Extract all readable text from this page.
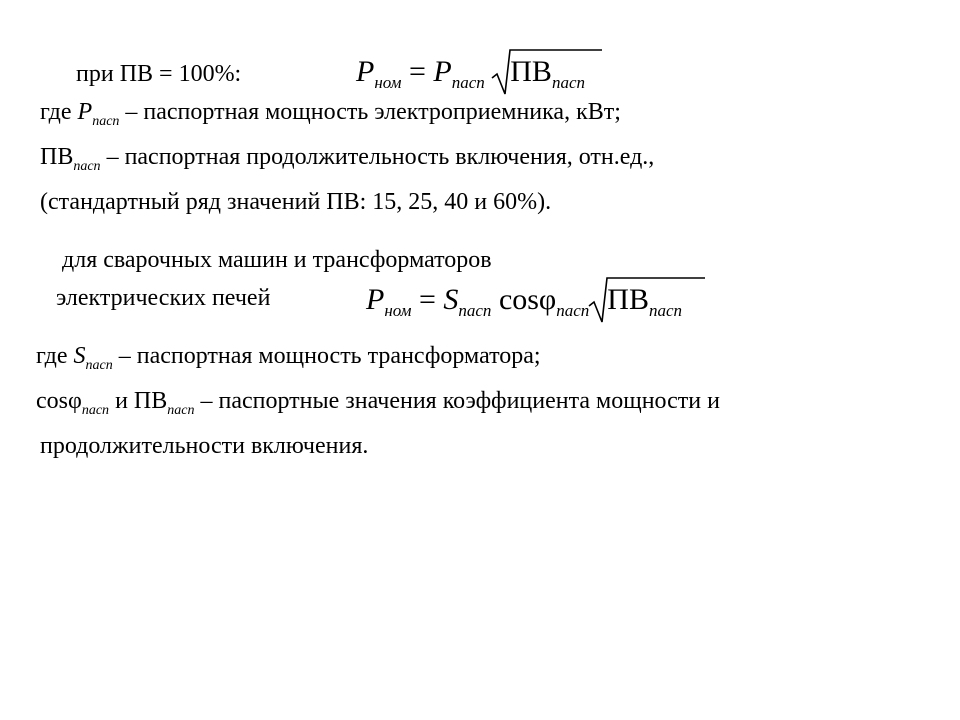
при ПВ = 100%:	$P_{ном} = P_{пасп}$ $ПВ_{пасп}$
где $P_{пасп}$ – паспортная мощность электроприемника, кВт;
$ПВ_{пасп}$ – паспортная продолжительность включения, отн.ед.,
(стандартный ряд значений ПВ: 15, 25, 40 и 60%).
для сварочных машин и трансформаторов
электрических печей	$P_{ном} = S_{пасп}$ cosφ$_{пасп}$ $ПВ_{пасп}$
где $S_{пасп}$ – паспортная мощность трансформатора;
cosφ$_{пасп}$ и $ПВ_{пасп}$ – паспортные значения коэффициента мощности и
продолжительности включения.
